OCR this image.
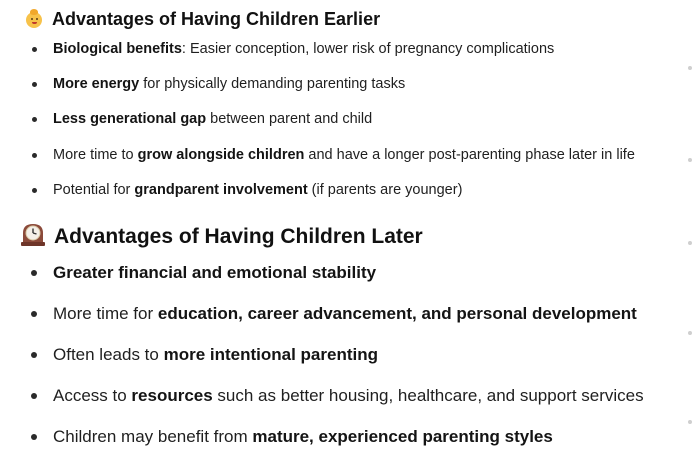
Advantages of Having Children Earlier
Biological benefits: Easier conception, lower risk of pregnancy complications
More energy for physically demanding parenting tasks
Less generational gap between parent and child
More time to grow alongside children and have a longer post-parenting phase later in life
Potential for grandparent involvement (if parents are younger)
Advantages of Having Children Later
Greater financial and emotional stability
More time for education, career advancement, and personal development
Often leads to more intentional parenting
Access to resources such as better housing, healthcare, and support services
Children may benefit from mature, experienced parenting styles
